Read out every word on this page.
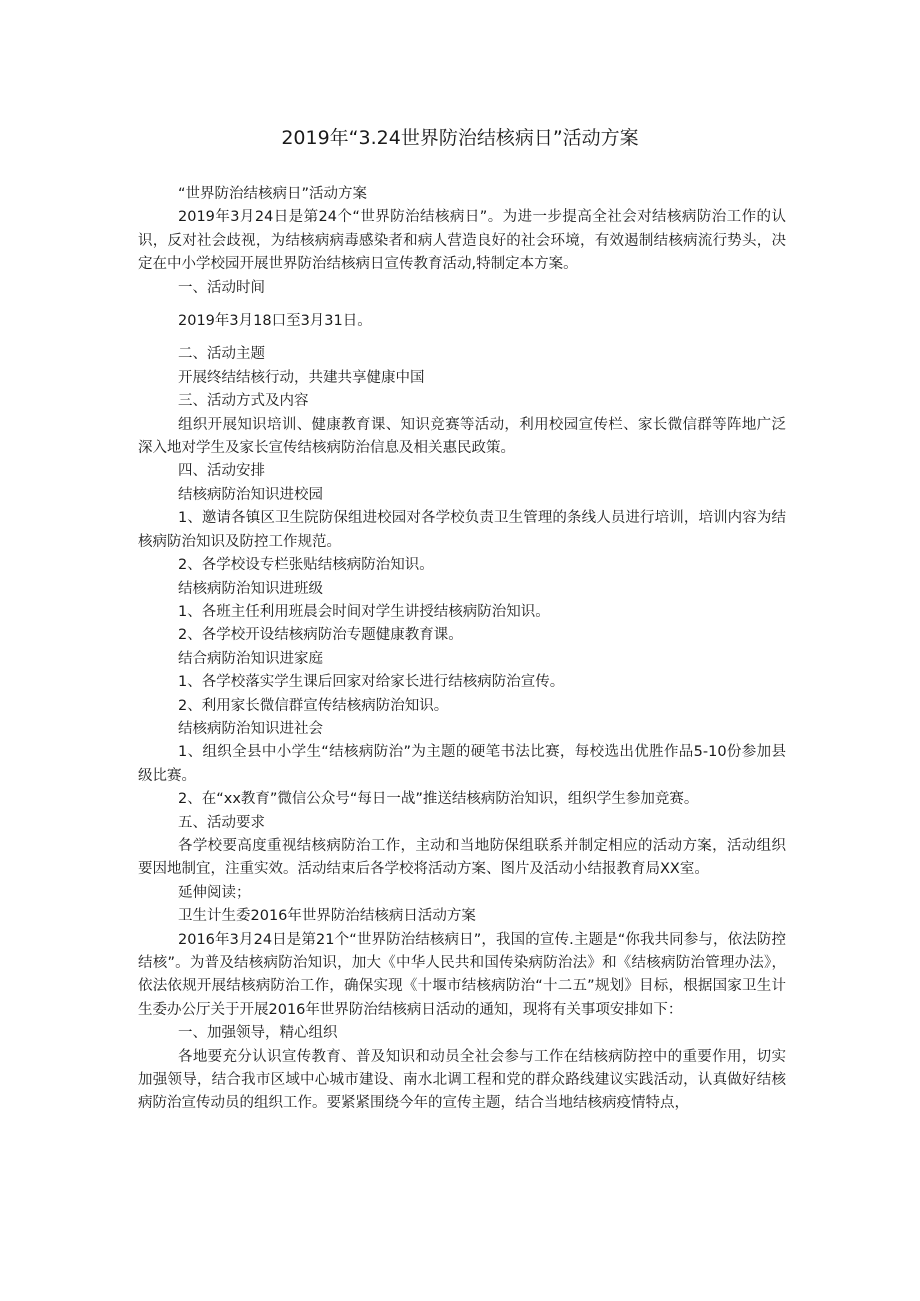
2019年“3.24世界防治结核病日”活动方案

“世界防治结核病日”活动方案

2019年3月24日是第24个“世界防治结核病日”。为进一步提高全社会对结核病防治工作的认识，反对社会歧视，为结核病病毒感染者和病人营造良好的社会环境，有效遏制结核病流行势头，决定在中小学校园开展世界防治结核病日宣传教育活动,特制定本方案。

一、活动时间

2019年3月18口至3月31日。

二、活动主题

开展终结结核行动，共建共享健康中国

三、活动方式及内容

组织开展知识培训、健康教育课、知识竞赛等活动，利用校园宣传栏、家长微信群等阵地广泛深入地对学生及家长宣传结核病防治信息及相关惠民政策。

四、活动安排

结核病防治知识进校园

1、邀请各镇区卫生院防保组进校园对各学校负责卫生管理的条线人员进行培训，培训内容为结核病防治知识及防控工作规范。

2、各学校设专栏张贴结核病防治知识。

结核病防治知识进班级

1、各班主任利用班晨会时间对学生讲授结核病防治知识。

2、各学校开设结核病防治专题健康教育课。

结合病防治知识进家庭

1、各学校落实学生课后回家对给家长进行结核病防治宣传。

2、利用家长微信群宣传结核病防治知识。

结核病防治知识进社会

1、组织全县中小学生“结核病防治”为主题的硬笔书法比赛，每校选出优胜作品5-10份参加县级比赛。

2、在“xx教育”微信公众号“每日一战”推送结核病防治知识，组织学生参加竞赛。

五、活动要求

各学校要高度重视结核病防治工作，主动和当地防保组联系并制定相应的活动方案，活动组织要因地制宜，注重实效。活动结束后各学校将活动方案、图片及活动小结报教育局XX室。

延伸阅读；

卫生计生委2016年世界防治结核病日活动方案

2016年3月24日是第21个“世界防治结核病日”，我国的宣传.主题是“你我共同参与，依法防控结核”。为普及结核病防治知识，加大《中华人民共和国传染病防治法》和《结核病防治管理办法》，依法依规开展结核病防治工作，确保实现《十堰市结核病防治“十二五”规划》目标，根据国家卫生计生委办公厅关于开展2016年世界防治结核病日活动的通知，现将有关事项安排如下：

一、加强领导，精心组织

各地要充分认识宣传教育、普及知识和动员全社会参与工作在结核病防控中的重要作用，切实加强领导，结合我市区域中心城市建设、南水北调工程和党的群众路线建议实践活动，认真做好结核病防治宣传动员的组织工作。要紧紧围绕今年的宣传主题，结合当地结核病疫情特点，
